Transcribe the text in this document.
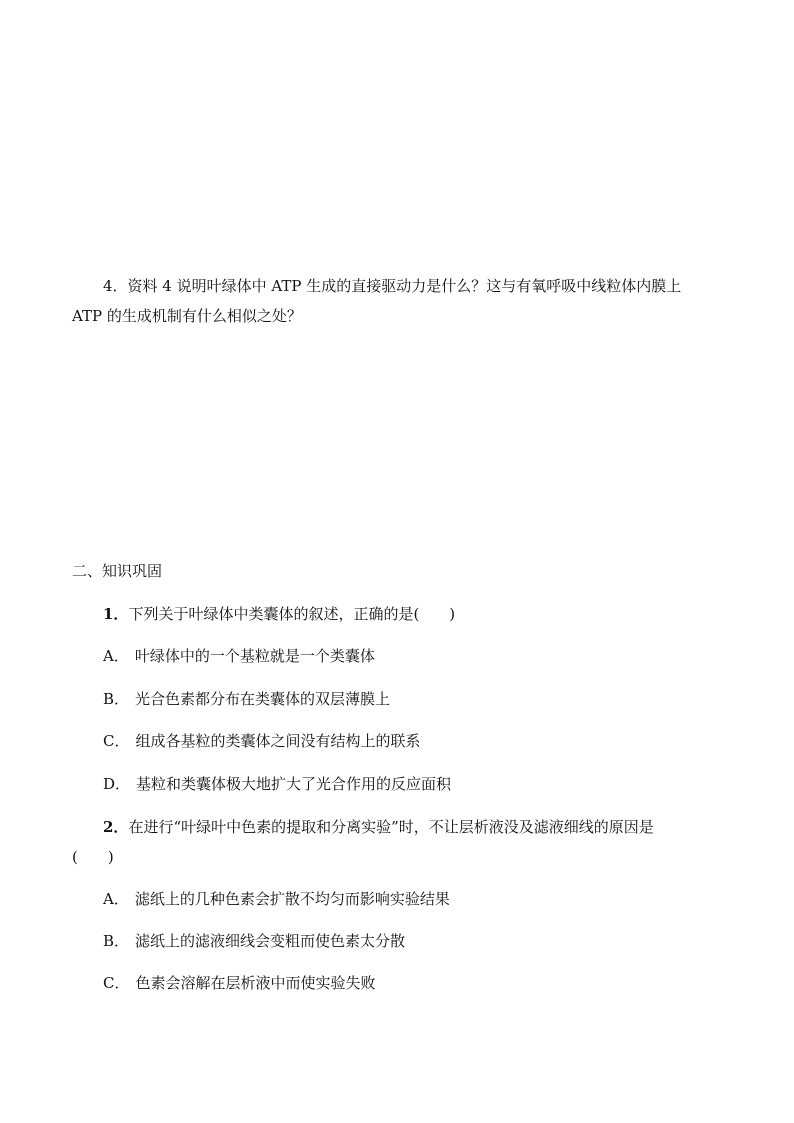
4．资料 4 说明叶绿体中 ATP 生成的直接驱动力是什么？这与有氧呼吸中线粒体内膜上
ATP 的生成机制有什么相似之处？
二、知识巩固
1．下列关于叶绿体中类囊体的叙述，正确的是(　　)
A． 叶绿体中的一个基粒就是一个类囊体
B． 光合色素都分布在类囊体的双层薄膜上
C． 组成各基粒的类囊体之间没有结构上的联系
D． 基粒和类囊体极大地扩大了光合作用的反应面积
2．在进行“叶绿叶中色素的提取和分离实验”时，不让层析液没及滤液细线的原因是
(　　)
A． 滤纸上的几种色素会扩散不均匀而影响实验结果
B． 滤纸上的滤液细线会变粗而使色素太分散
C． 色素会溶解在层析液中而使实验失败
